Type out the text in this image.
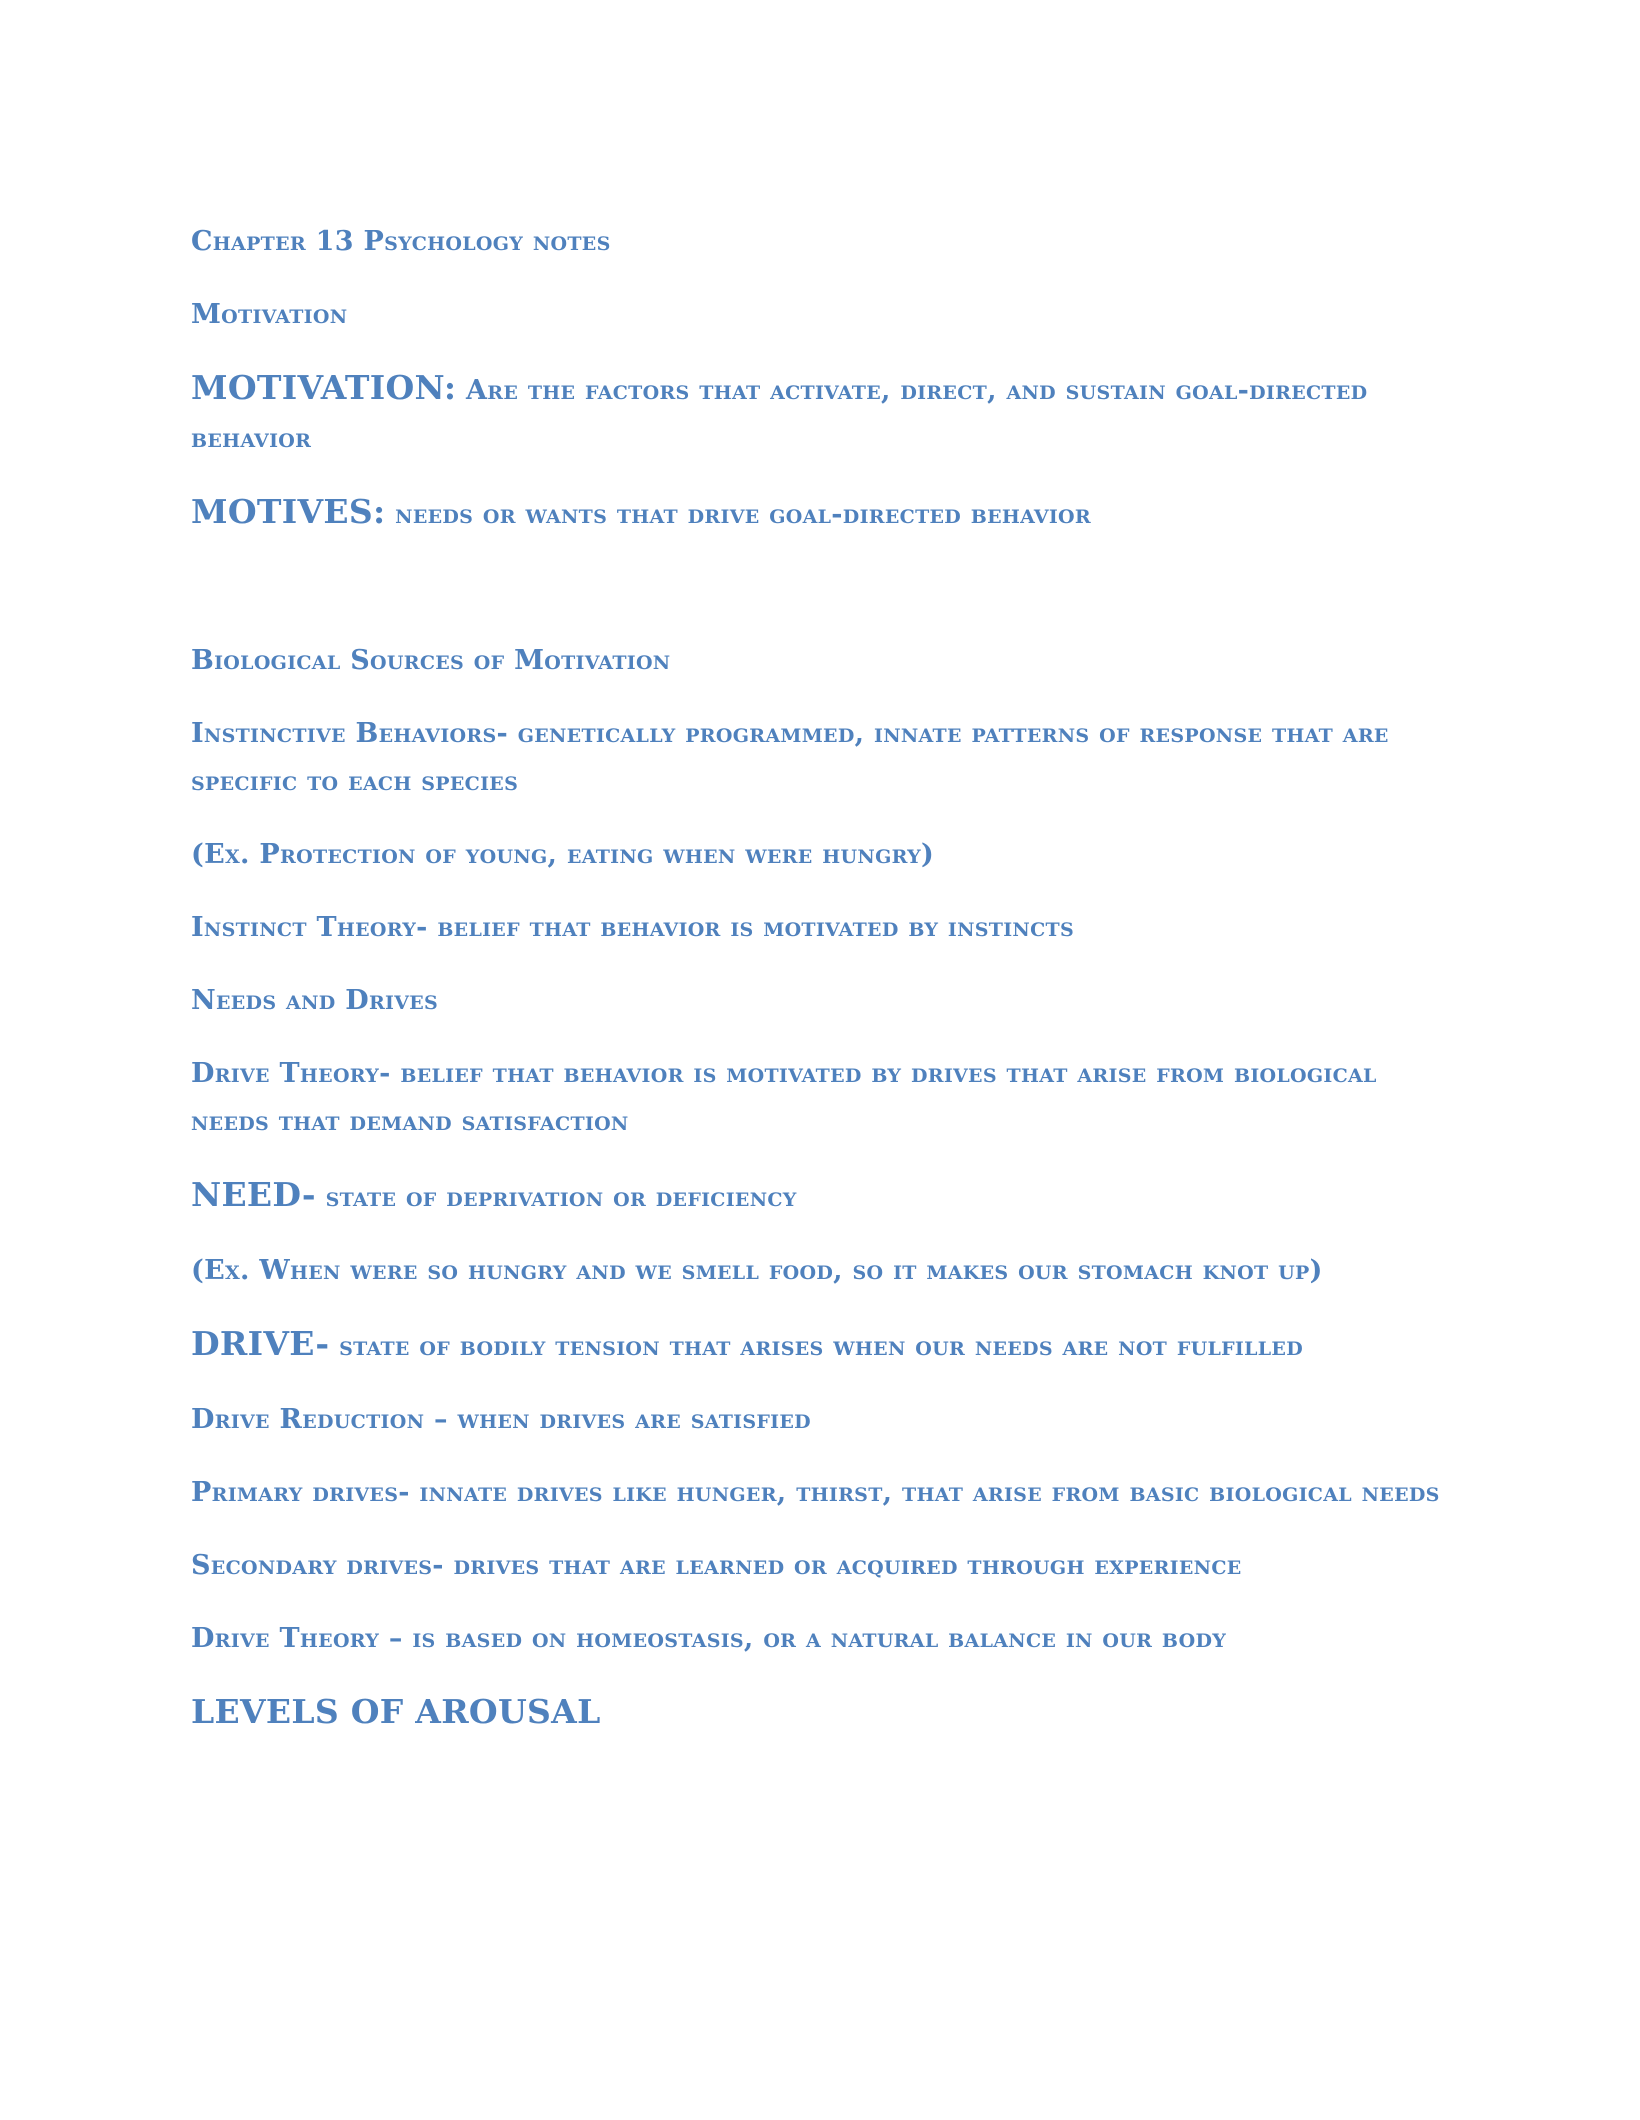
Chapter 13 Psychology notes

Motivation

MOTIVATION: Are the factors that activate, direct, and sustain goal-directed behavior

MOTIVES: needs or wants that drive goal-directed behavior

Biological Sources of Motivation

Instinctive Behaviors- genetically programmed, innate patterns of response that are specific to each species

(Ex. Protection of young, eating when were hungry)

Instinct Theory- belief that behavior is motivated by instincts

Needs and Drives

Drive Theory- belief that behavior is motivated by drives that arise from biological needs that demand satisfaction

NEED- state of deprivation or deficiency

(Ex. When were so hungry and we smell food, so it makes our stomach knot up)

DRIVE- state of bodily tension that arises when our needs are not fulfilled

Drive Reduction – when drives are satisfied

Primary drives- innate drives like hunger, thirst, that arise from basic biological needs

Secondary drives- drives that are learned or acquired through experience

Drive Theory – is based on homeostasis, or a natural balance in our body

LEVELS OF AROUSAL
